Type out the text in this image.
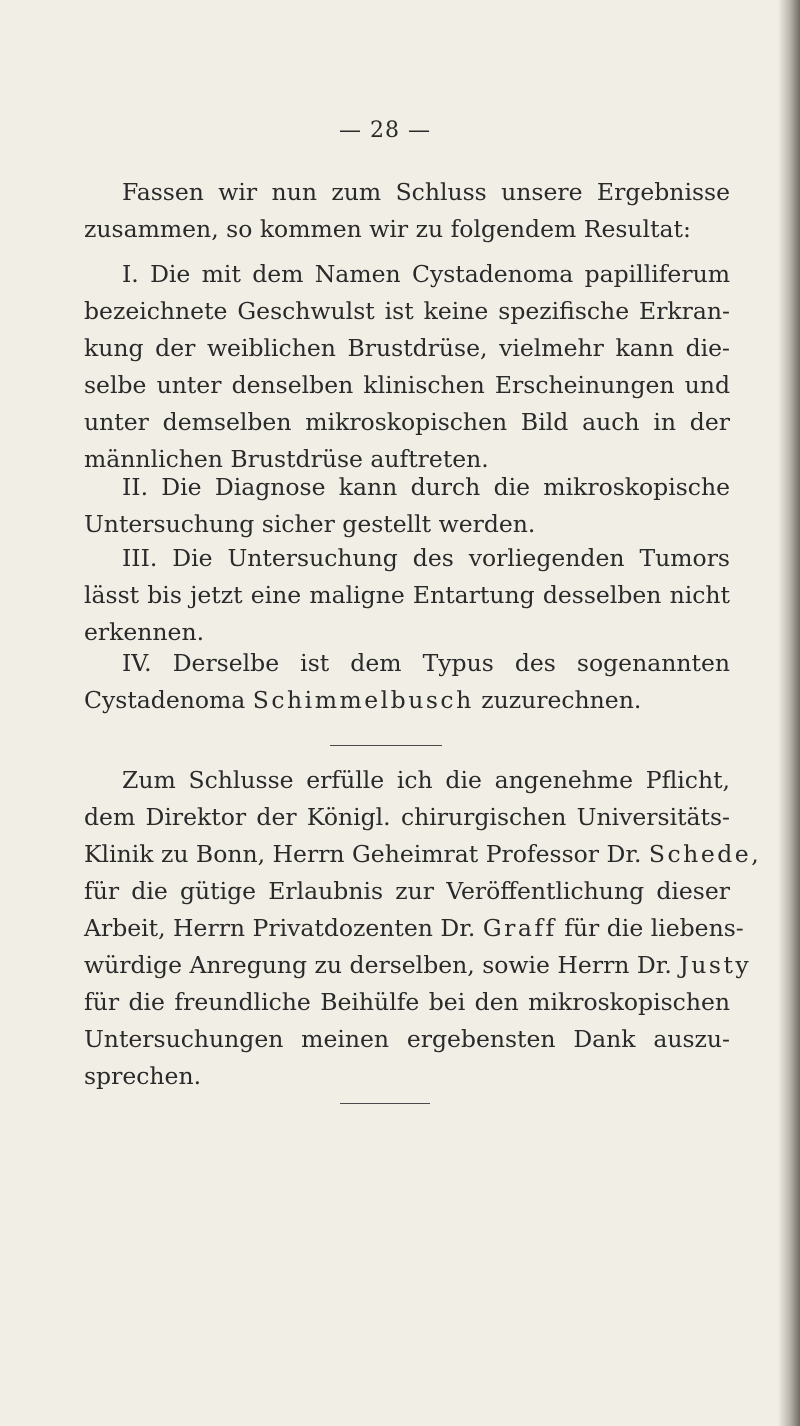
— 28 —
Fassen wir nun zum Schluss unsere Ergebnisse
zusammen, so kommen wir zu folgendem Resultat:
I. Die mit dem Namen Cystadenoma papilliferum
bezeichnete Geschwulst ist keine spezifische Erkran-
kung der weiblichen Brustdrüse, vielmehr kann die-
selbe unter denselben klinischen Erscheinungen und
unter demselben mikroskopischen Bild auch in der
männlichen Brustdrüse auftreten.
II. Die Diagnose kann durch die mikroskopische
Untersuchung sicher gestellt werden.
III. Die Untersuchung des vorliegenden Tumors
lässt bis jetzt eine maligne Entartung desselben nicht
erkennen.
IV. Derselbe ist dem Typus des sogenannten
Cystadenoma Schimmelbusch zuzurechnen.
Zum Schlusse erfülle ich die angenehme Pflicht,
dem Direktor der Königl. chirurgischen Universitäts-
Klinik zu Bonn, Herrn Geheimrat Professor Dr. Schede,
für die gütige Erlaubnis zur Veröffentlichung dieser
Arbeit, Herrn Privatdozenten Dr. Graff für die liebens-
würdige Anregung zu derselben, sowie Herrn Dr. Justy
für die freundliche Beihülfe bei den mikroskopischen
Untersuchungen meinen ergebensten Dank auszu-
sprechen.
